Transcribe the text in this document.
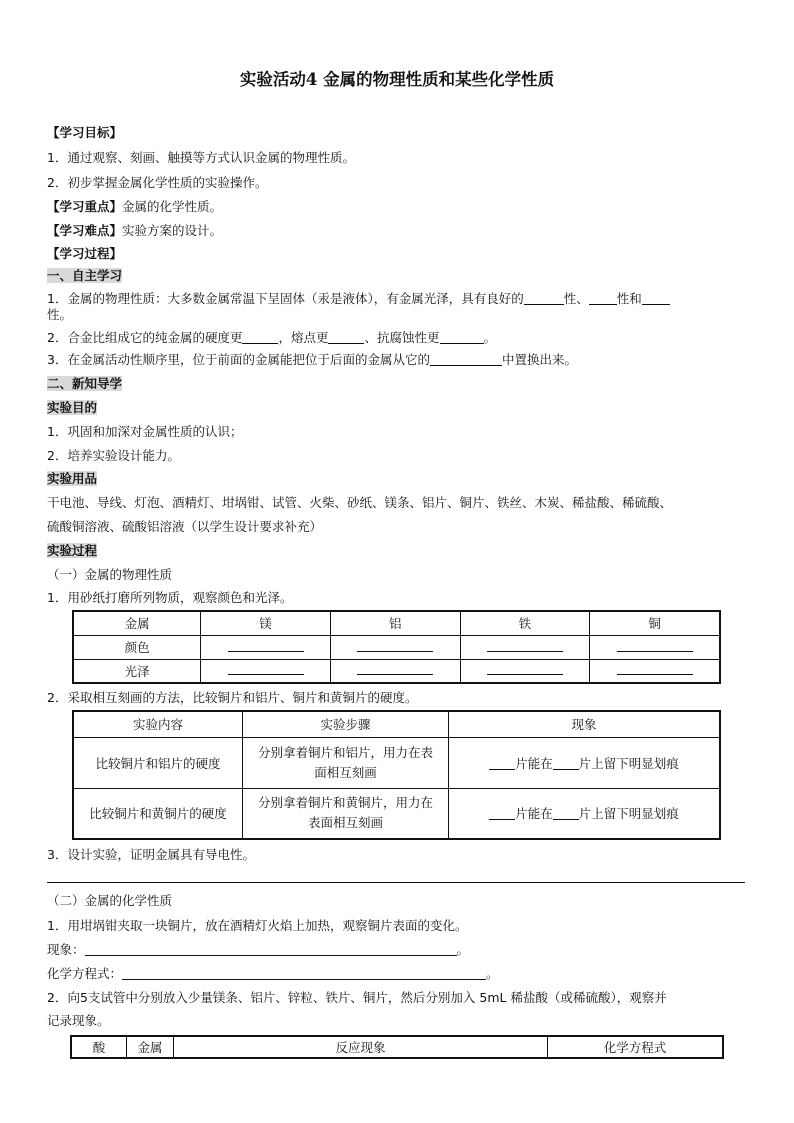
实验活动4 金属的物理性质和某些化学性质
【学习目标】
1．通过观察、刻画、触摸等方式认识金属的物理性质。
2．初步掌握金属化学性质的实验操作。
【学习重点】金属的化学性质。
【学习难点】实验方案的设计。
【学习过程】
一、自主学习
1．金属的物理性质：大多数金属常温下呈固体（汞是液体），有金属光泽，具有良好的	性、 性和
性。
2．合金比组成它的纯金属的硬度更	，熔点更	、抗腐蚀性更	。
3．在金属活动性顺序里，位于前面的金属能把位于后面的金属从它的	中置换出来。
二、新知导学
实验目的
1．巩固和加深对金属性质的认识；
2．培养实验设计能力。
实验用品
干电池、导线、灯泡、酒精灯、坩埚钳、试管、火柴、砂纸、镁条、铝片、铜片、铁丝、木炭、稀盐酸、稀硫酸、
硫酸铜溶液、硫酸铝溶液（以学生设计要求补充）
实验过程
（一）金属的物理性质
1．用砂纸打磨所列物质，观察颜色和光泽。
金属	镁	铝	铁	铜
颜色				
光泽				
2．采取相互刻画的方法，比较铜片和铝片、铜片和黄铜片的硬度。
实验内容	实验步骤	现象
比较铜片和铝片的硬度	分别拿着铜片和铝片，用力在表
面相互刻画	片能在 片上留下明显划痕
比较铜片和黄铜片的硬度	分别拿着铜片和黄铜片，用力在
表面相互刻画	片能在 片上留下明显划痕
3．设计实验，证明金属具有导电性。
（二）金属的化学性质
1．用坩埚钳夹取一块铜片，放在酒精灯火焰上加热，观察铜片表面的变化。
现象：	。
化学方程式：	。
2．向5支试管中分别放入少量镁条、铝片、锌粒、铁片、铜片，然后分别加入 5mL 稀盐酸（或稀硫酸），观察并
记录现象。
酸	金属	反应现象	化学方程式
